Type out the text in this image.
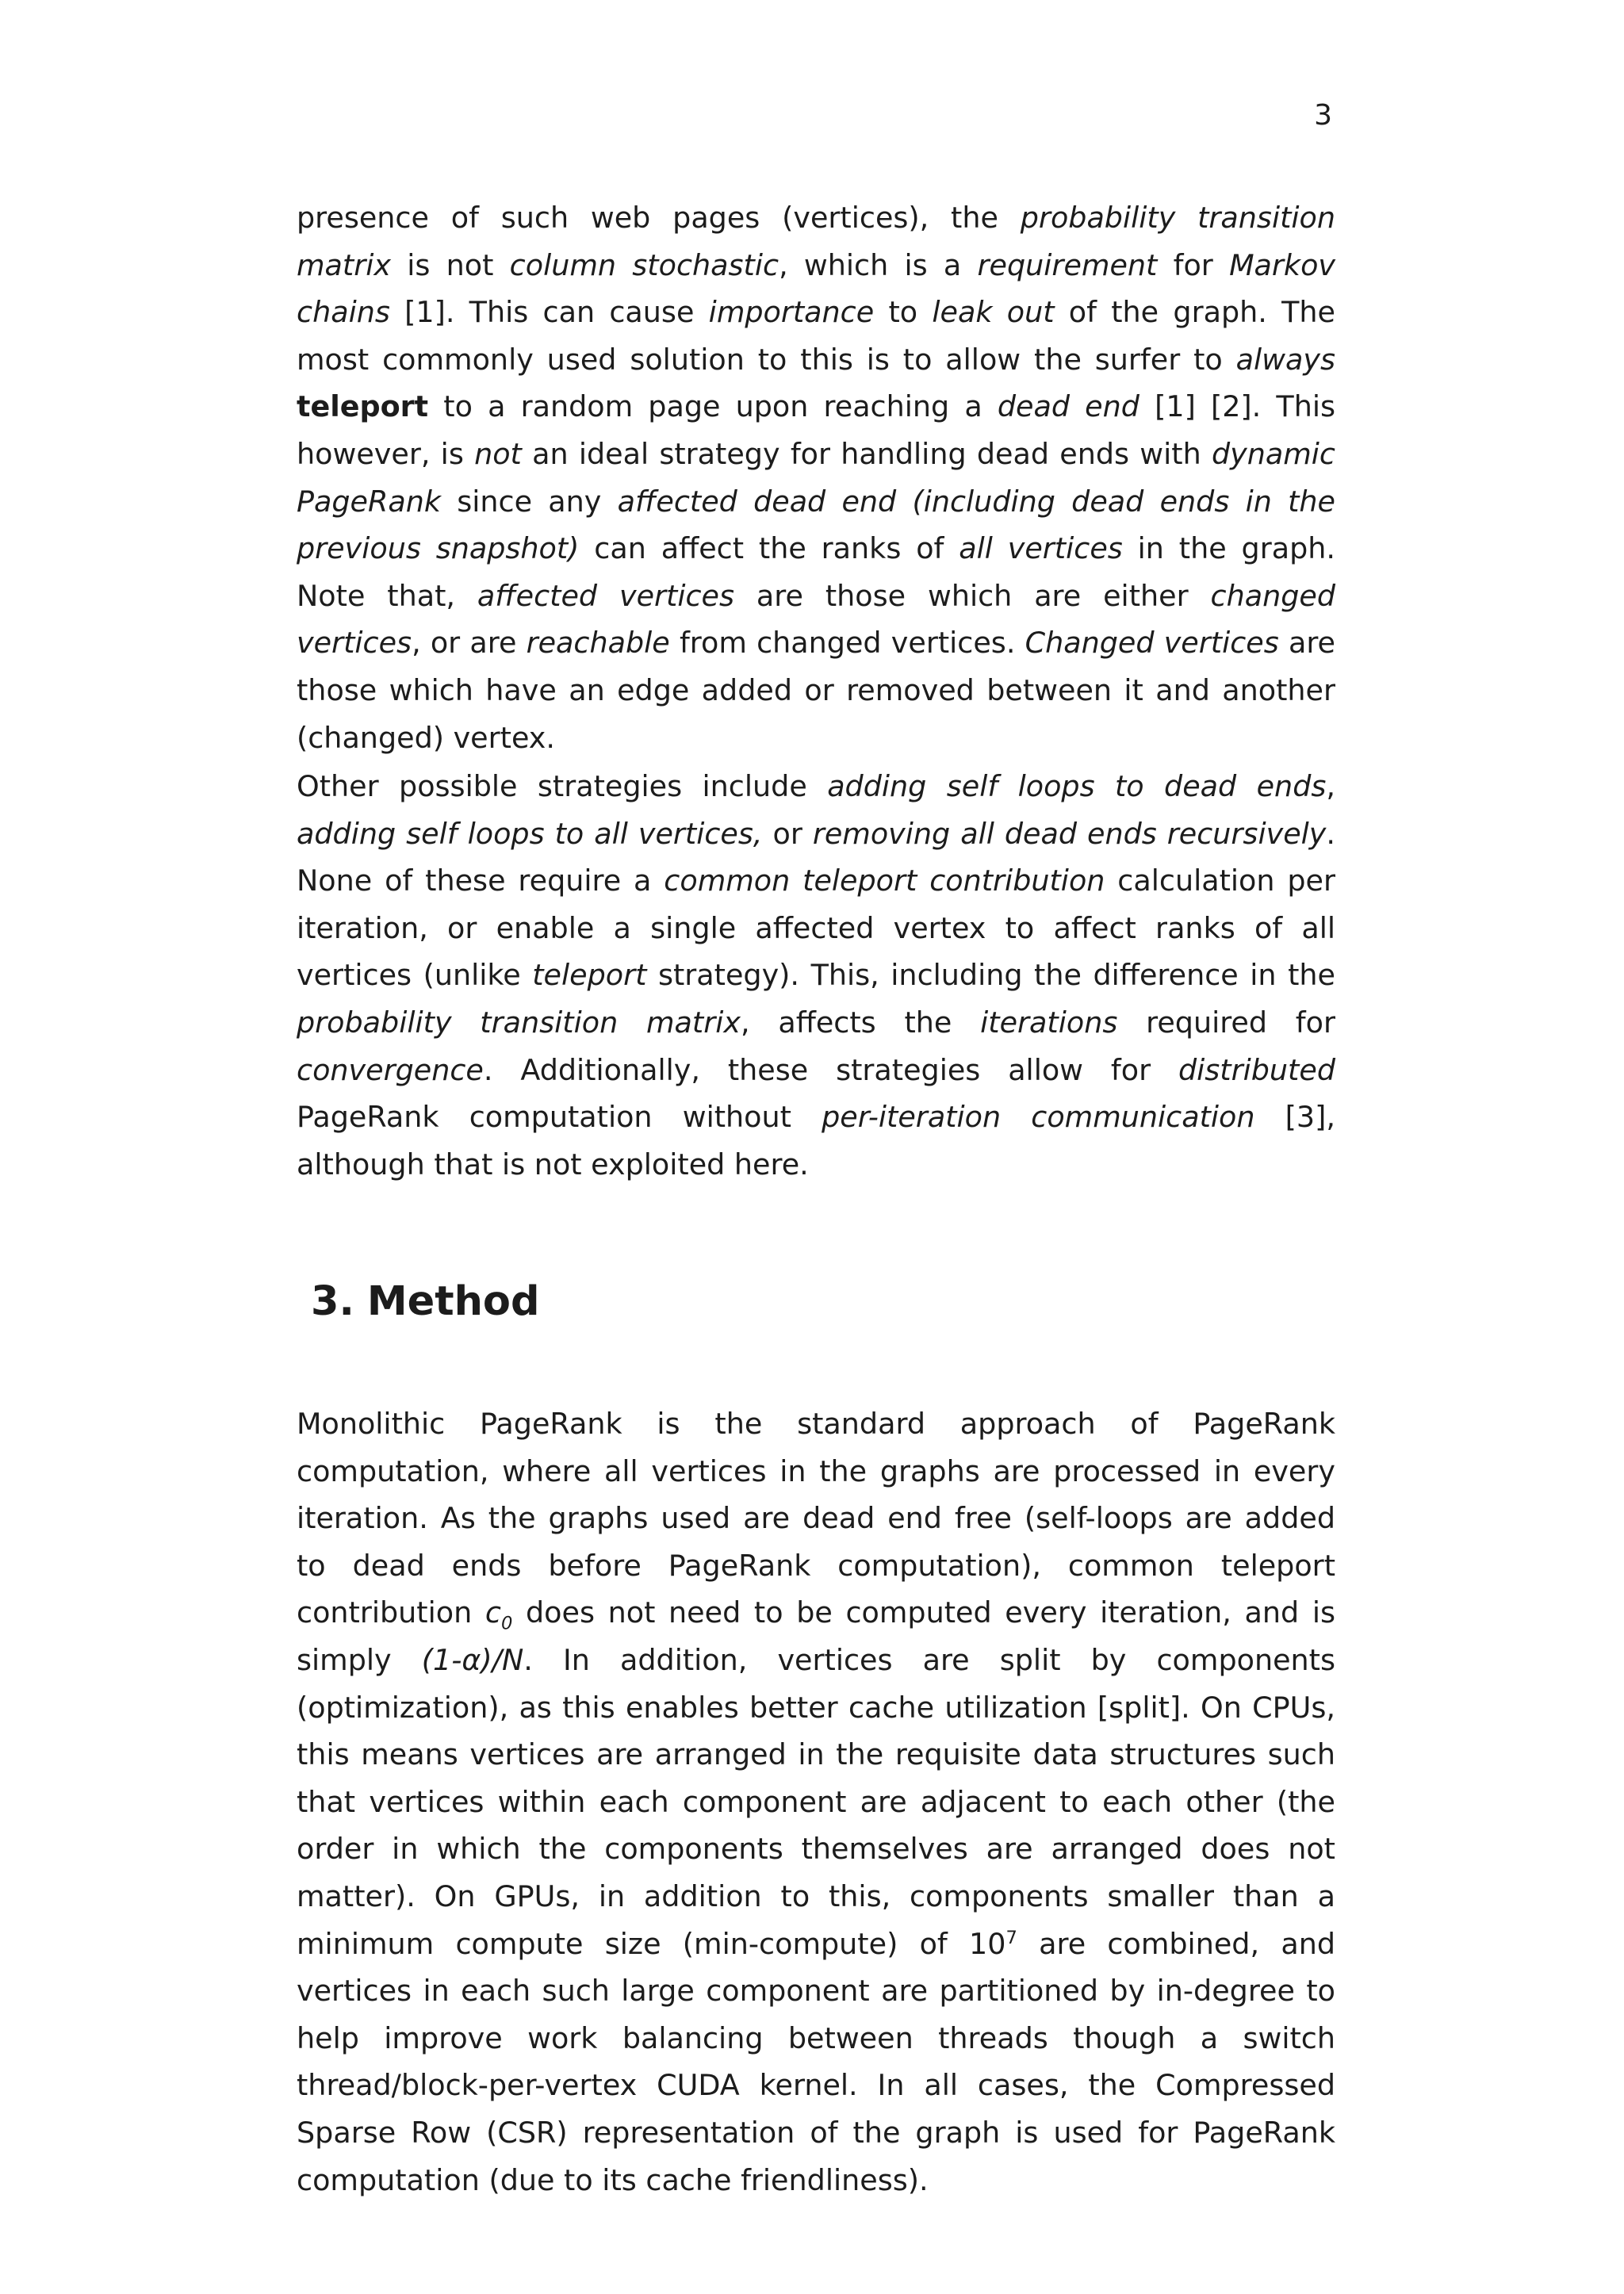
3

presence of such web pages (vertices), the probability transition matrix is not column stochastic, which is a requirement for Markov chains [1]. This can cause importance to leak out of the graph. The most commonly used solution to this is to allow the surfer to always teleport to a random page upon reaching a dead end [1] [2]. This however, is not an ideal strategy for handling dead ends with dynamic PageRank since any affected dead end (including dead ends in the previous snapshot) can affect the ranks of all vertices in the graph. Note that, affected vertices are those which are either changed vertices, or are reachable from changed vertices. Changed vertices are those which have an edge added or removed between it and another (changed) vertex.

Other possible strategies include adding self loops to dead ends, adding self loops to all vertices, or removing all dead ends recursively. None of these require a common teleport contribution calculation per iteration, or enable a single affected vertex to affect ranks of all vertices (unlike teleport strategy). This, including the difference in the probability transition matrix, affects the iterations required for convergence. Additionally, these strategies allow for distributed PageRank computation without per-iteration communication [3], although that is not exploited here.

3. Method

Monolithic PageRank is the standard approach of PageRank computation, where all vertices in the graphs are processed in every iteration. As the graphs used are dead end free (self-loops are added to dead ends before PageRank computation), common teleport contribution $c_0$ does not need to be computed every iteration, and is simply (1-α)/N. In addition, vertices are split by components (optimization), as this enables better cache utilization [split]. On CPUs, this means vertices are arranged in the requisite data structures such that vertices within each component are adjacent to each other (the order in which the components themselves are arranged does not matter). On GPUs, in addition to this, components smaller than a minimum compute size (min-compute) of $10^7$ are combined, and vertices in each such large component are partitioned by in-degree to help improve work balancing between threads though a switch thread/block-per-vertex CUDA kernel. In all cases, the Compressed Sparse Row (CSR) representation of the graph is used for PageRank computation (due to its cache friendliness).
